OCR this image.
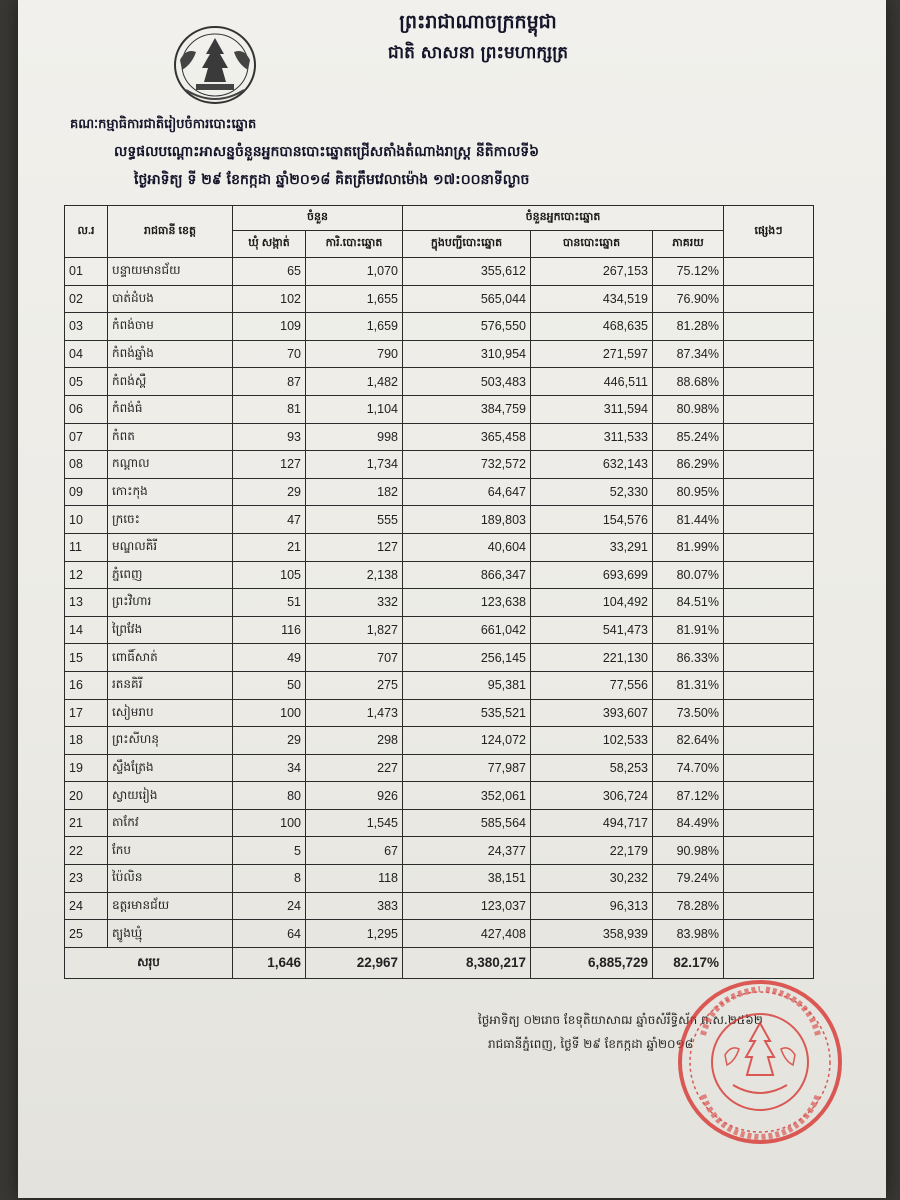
ព្រះរាជាណាចក្រកម្ពុជា
ជាតិ សាសនា ព្រះមហាក្សត្រ
គណៈកម្មាធិការជាតិរៀបចំការបោះឆ្នោត
លទ្ធផលបណ្តោះអាសន្នចំនួនអ្នកបានបោះឆ្នោតជ្រើសតាំងតំណាងរាស្ត្រ នីតិកាលទី៦
ថ្ងៃអាទិត្យ ទី ២៩ ខែកក្កដា ឆ្នាំ២០១៨ គិតត្រឹមវេលាម៉ោង ១៧:០០នាទីល្ងាច
ល.រ	រាជធានី ខេត្ត	ចំនួន		ចំនួនអ្នកបោះឆ្នោត			ផ្សេងៗ
		ឃុំ សង្កាត់	ការិ.បោះឆ្នោត	ក្នុងបញ្ជីបោះឆ្នោត	បានបោះឆ្នោត	ភាគរយ	
01	បន្ទាយមានជ័យ	65	1,070	355,612	267,153	75.12%	
02	បាត់ដំបង	102	1,655	565,044	434,519	76.90%	
03	កំពង់ចាម	109	1,659	576,550	468,635	81.28%	
04	កំពង់ឆ្នាំង	70	790	310,954	271,597	87.34%	
05	កំពង់ស្ពឺ	87	1,482	503,483	446,511	88.68%	
06	កំពង់ធំ	81	1,104	384,759	311,594	80.98%	
07	កំពត	93	998	365,458	311,533	85.24%	
08	កណ្តាល	127	1,734	732,572	632,143	86.29%	
09	កោះកុង	29	182	64,647	52,330	80.95%	
10	ក្រចេះ	47	555	189,803	154,576	81.44%	
11	មណ្ឌលគិរី	21	127	40,604	33,291	81.99%	
12	ភ្នំពេញ	105	2,138	866,347	693,699	80.07%	
13	ព្រះវិហារ	51	332	123,638	104,492	84.51%	
14	ព្រៃវែង	116	1,827	661,042	541,473	81.91%	
15	ពោធិ៍សាត់	49	707	256,145	221,130	86.33%	
16	រតនគិរី	50	275	95,381	77,556	81.31%	
17	សៀមរាប	100	1,473	535,521	393,607	73.50%	
18	ព្រះសីហនុ	29	298	124,072	102,533	82.64%	
19	ស្ទឹងត្រែង	34	227	77,987	58,253	74.70%	
20	ស្វាយរៀង	80	926	352,061	306,724	87.12%	
21	តាកែវ	100	1,545	585,564	494,717	84.49%	
22	កែប	5	67	24,377	22,179	90.98%	
23	ប៉ៃលិន	8	118	38,151	30,232	79.24%	
24	ឧត្តរមានជ័យ	24	383	123,037	96,313	78.28%	
25	ត្បូងឃ្មុំ	64	1,295	427,408	358,939	83.98%	
សរុប		1,646	22,967	8,380,217	6,885,729	82.17%	
ថ្ងៃអាទិត្យ ០២រោច ខែទុតិយាសាឍ ឆ្នាំចសំរឹទ្ធិស័ក ព.ស.២៥៦២
រាជធានីភ្នំពេញ, ថ្ងៃទី ២៩ ខែកក្កដា ឆ្នាំ២០១៨
